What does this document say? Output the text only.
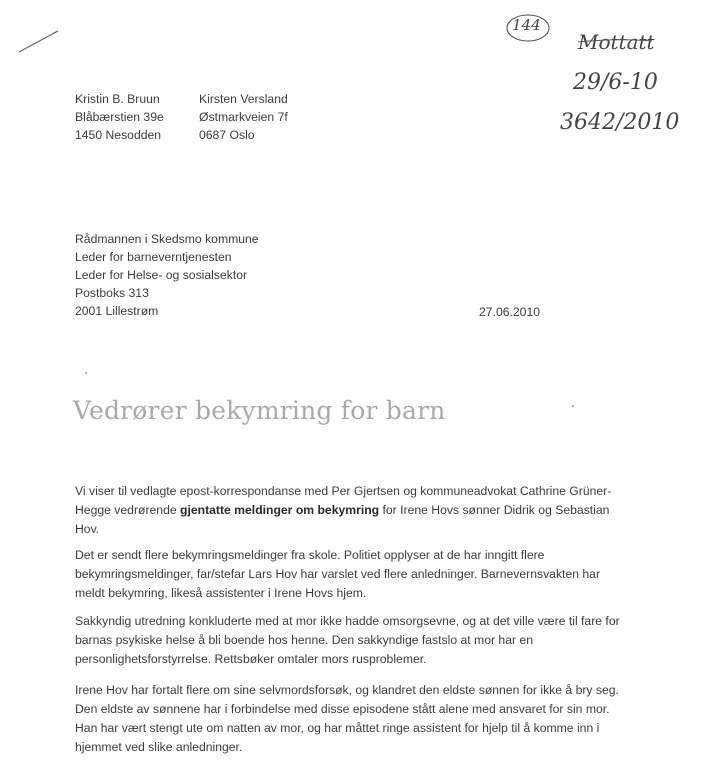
144
Mottatt
29/6-10
3642/2010
Kristin B. Bruun
Blåbærstien 39e
1450 Nesodden
Kirsten Versland
Østmarkveien 7f
0687 Oslo
Rådmannen i Skedsmo kommune
Leder for barneverntjenesten
Leder for Helse- og sosialsektor
Postboks 313
2001 Lillestrøm	27.06.2010
Vedrører bekymring for barn
Vi viser til vedlagte epost-korrespondanse med Per Gjertsen og kommuneadvokat Cathrine Grüner-Hegge vedrørende gjentatte meldinger om bekymring for Irene Hovs sønner Didrik og Sebastian Hov.
Det er sendt flere bekymringsmeldinger fra skole. Politiet opplyser at de har inngitt flere bekymringsmeldinger, far/stefar Lars Hov har varslet ved flere anledninger. Barnevernsvakten har meldt bekymring, likeså assistenter i Irene Hovs hjem.
Sakkyndig utredning konkluderte med at mor ikke hadde omsorgsevne, og at det ville være til fare for barnas psykiske helse å bli boende hos henne. Den sakkyndige fastslo at mor har en personlighetsforstyrrelse. Rettsbøker omtaler mors rusproblemer.
Irene Hov har fortalt flere om sine selvmordsforsøk, og klandret den eldste sønnen for ikke å bry seg. Den eldste av sønnene har i forbindelse med disse episodene stått alene med ansvaret for sin mor. Han har vært stengt ute om natten av mor, og har måttet ringe assistent for hjelp til å komme inn i hjemmet ved slike anledninger.
